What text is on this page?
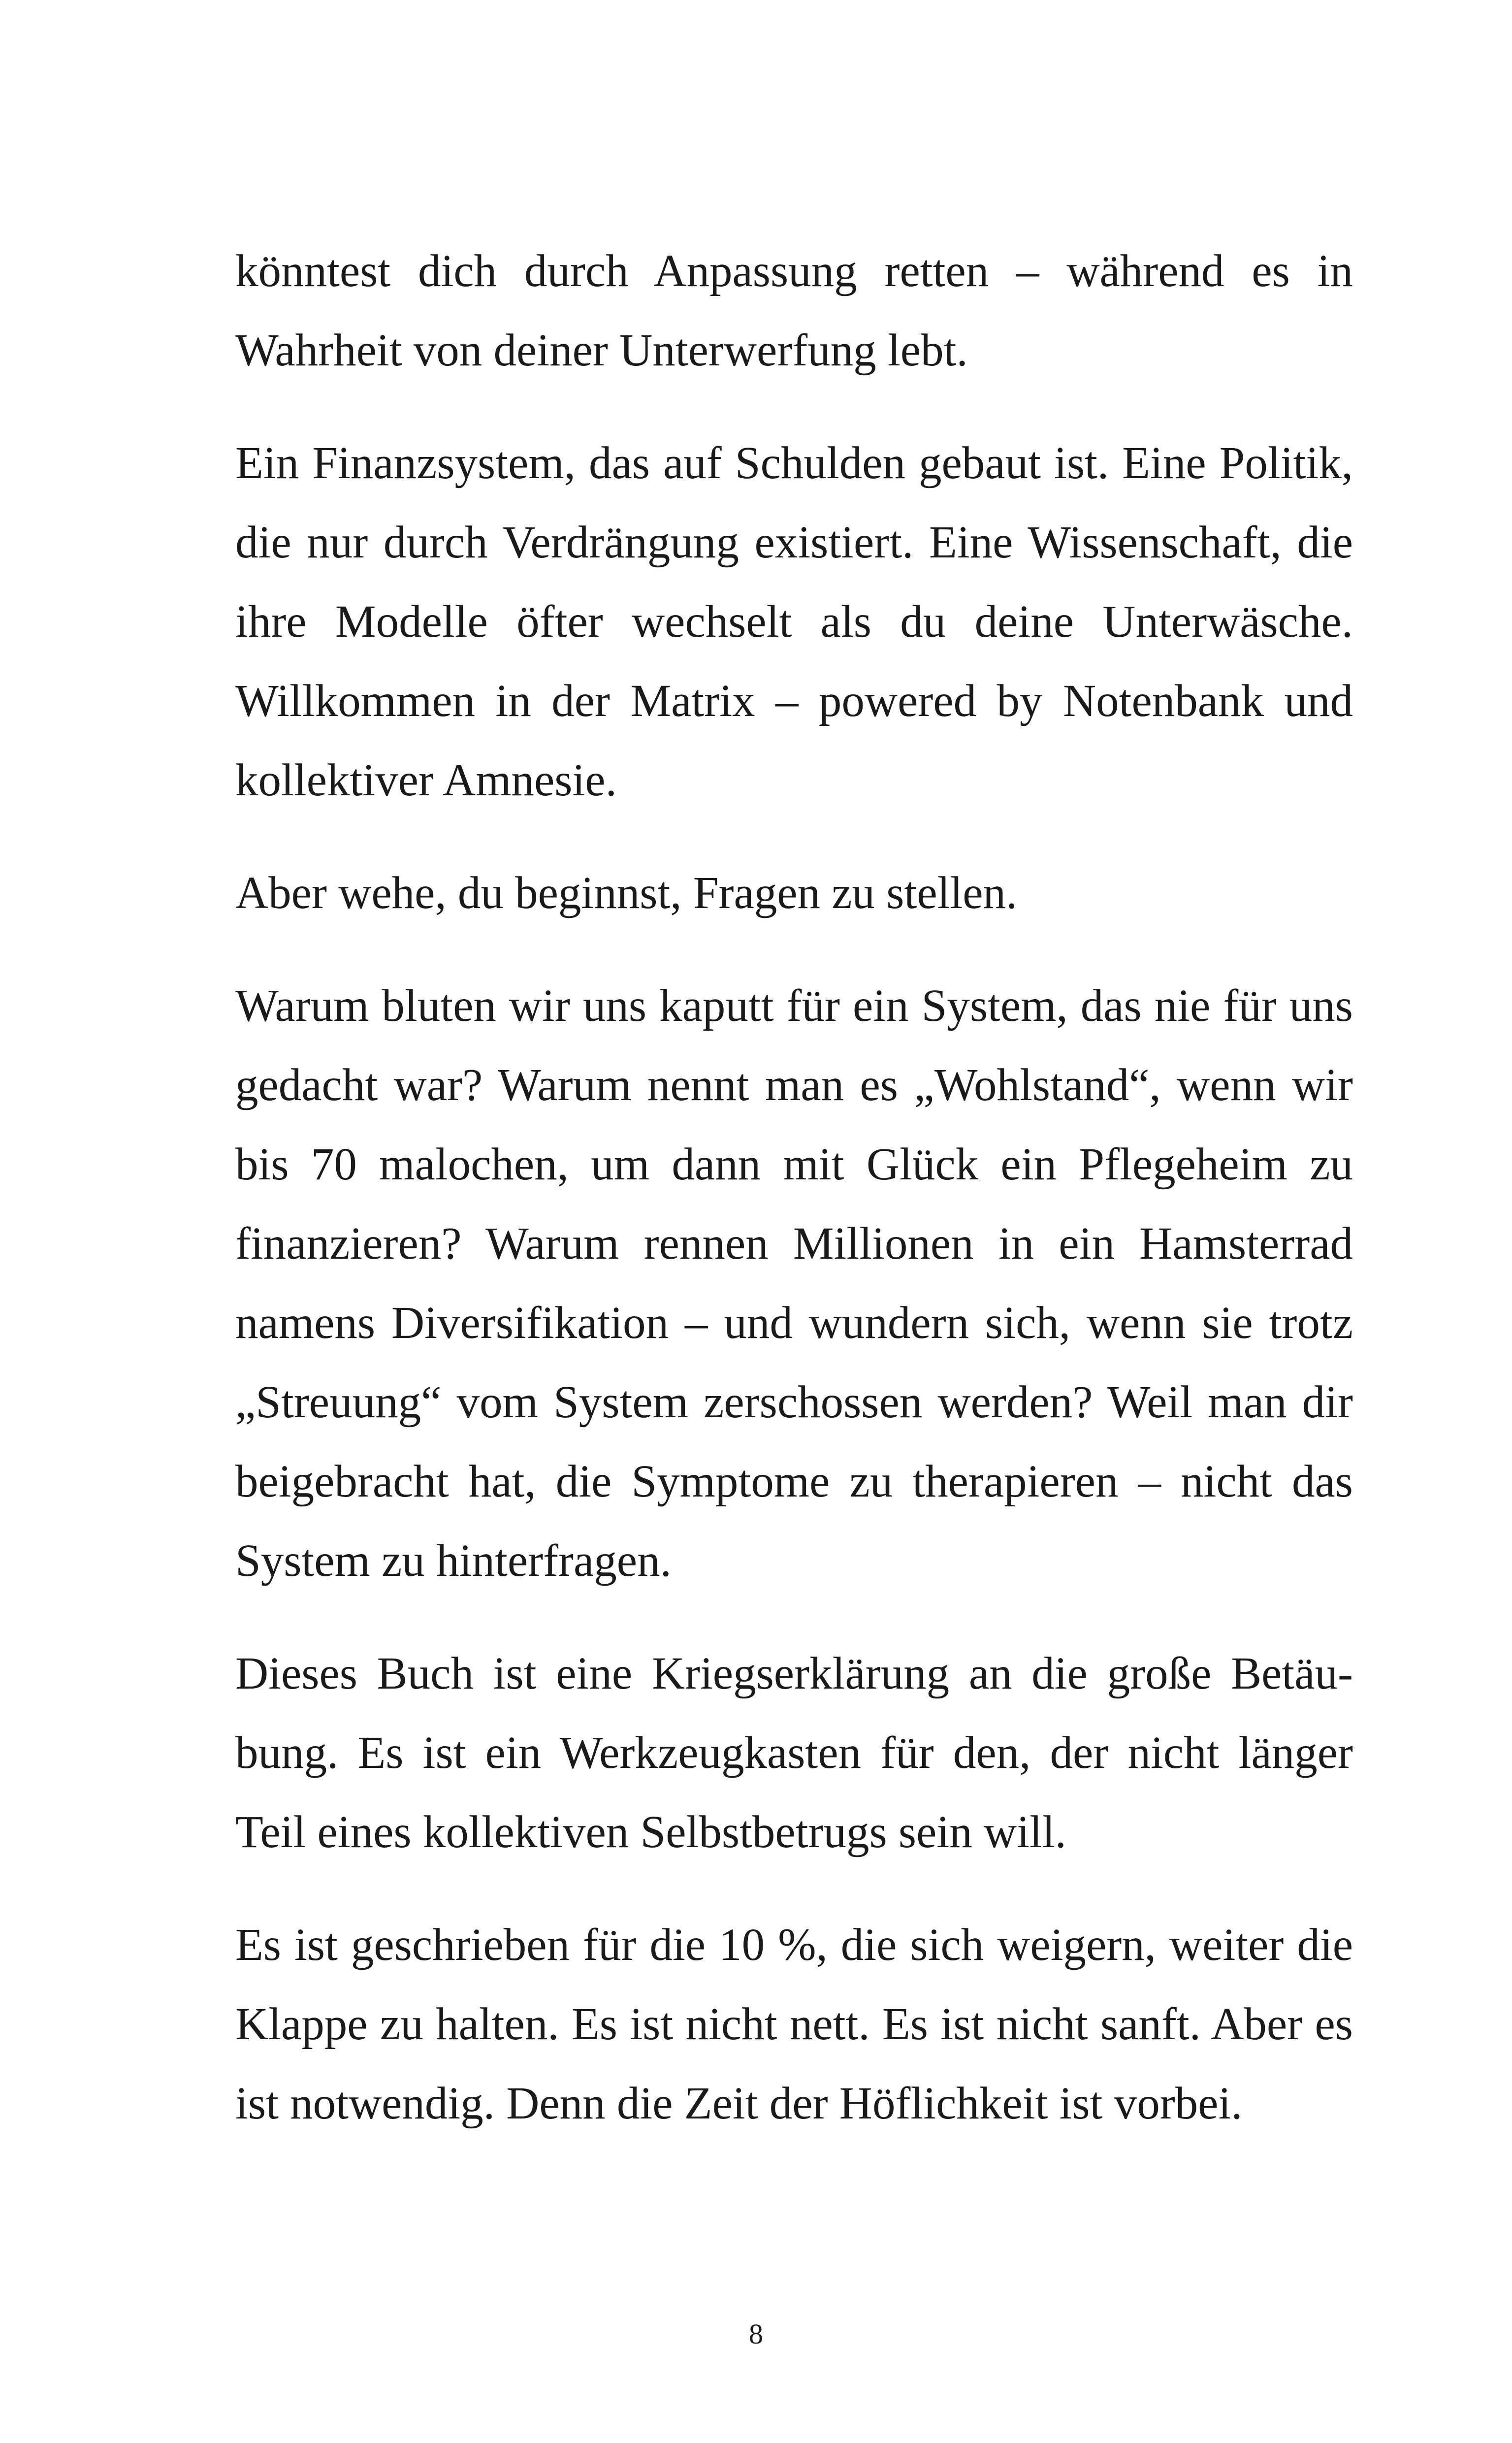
könntest dich durch Anpassung retten – während es in Wahrheit von deiner Unterwerfung lebt.

Ein Finanzsystem, das auf Schulden gebaut ist. Eine Politik, die nur durch Verdrängung existiert. Eine Wissenschaft, die ihre Modelle öfter wechselt als du deine Unterwäsche. Willkommen in der Matrix – powered by Notenbank und kollektiver Amnesie.

Aber wehe, du beginnst, Fragen zu stellen.

Warum bluten wir uns kaputt für ein System, das nie für uns gedacht war? Warum nennt man es „Wohlstand“, wenn wir bis 70 malochen, um dann mit Glück ein Pflegeheim zu finanzieren? Warum rennen Millionen in ein Hamsterrad namens Diversifikation – und wundern sich, wenn sie trotz „Streuung“ vom System zerschossen werden? Weil man dir beigebracht hat, die Symptome zu therapieren – nicht das System zu hinterfragen.

Dieses Buch ist eine Kriegserklärung an die große Betäubung. Es ist ein Werkzeugkasten für den, der nicht länger Teil eines kollektiven Selbstbetrugs sein will.

Es ist geschrieben für die 10 %, die sich weigern, weiter die Klappe zu halten. Es ist nicht nett. Es ist nicht sanft. Aber es ist notwendig. Denn die Zeit der Höflichkeit ist vorbei.

8
